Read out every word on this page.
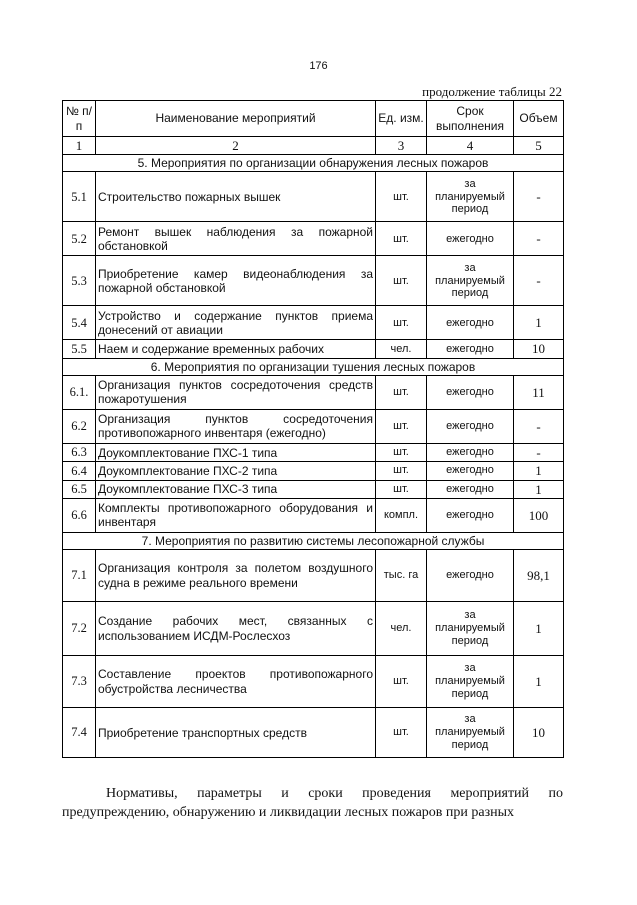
176
продолжение таблицы 22
№ п/п	Наименование мероприятий	Ед. изм.	Срок выполнения	Объем
1	2	3	4	5
5. Мероприятия по организации обнаружения лесных пожаров				
5.1	Строительство пожарных вышек	шт.	за планируемый период	-
5.2	Ремонт вышек наблюдения за пожарной обстановкой	шт.	ежегодно	-
5.3	Приобретение камер видеонаблюдения за пожарной обстановкой	шт.	за планируемый период	-
5.4	Устройство и содержание пунктов приема донесений от авиации	шт.	ежегодно	1
5.5	Наем и содержание временных рабочих	чел.	ежегодно	10
6. Мероприятия по организации тушения лесных пожаров				
6.1.	Организация пунктов сосредоточения средств пожаротушения	шт.	ежегодно	11
6.2	Организация пунктов сосредоточения противопожарного инвентаря (ежегодно)	шт.	ежегодно	-
6.3	Доукомплектование ПХС-1 типа	шт.	ежегодно	-
6.4	Доукомплектование ПХС-2 типа	шт.	ежегодно	1
6.5	Доукомплектование ПХС-3 типа	шт.	ежегодно	1
6.6	Комплекты противопожарного оборудования и инвентаря	компл.	ежегодно	100
7. Мероприятия по развитию системы лесопожарной службы				
7.1	Организация контроля за полетом воздушного судна в режиме реального времени	тыс. га	ежегодно	98,1
7.2	Создание рабочих мест, связанных с использованием ИСДМ-Рослесхоз	чел.	за планируемый период	1
7.3	Составление проектов противопожарного обустройства лесничества	шт.	за планируемый период	1
7.4	Приобретение транспортных средств	шт.	за планируемый период	10

Нормативы, параметры и сроки проведения мероприятий по предупреждению, обнаружению и ликвидации лесных пожаров при разных
